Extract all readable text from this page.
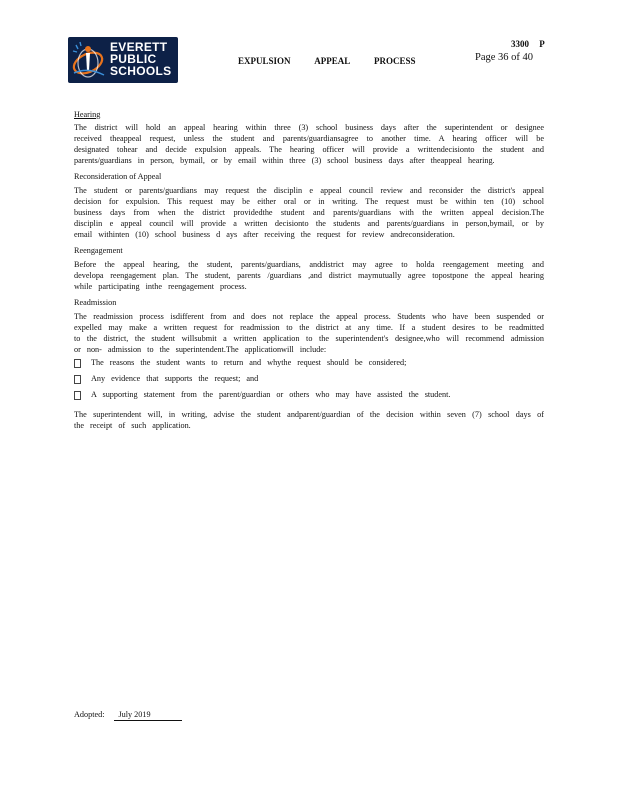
EVERETT
PUBLIC
SCHOOLS
3300 P
EXPULSION APPEAL PROCESS	Page 36 of 40
Hearing

The district will hold an appeal hearing within three (3) school business days after the superintendent or designee received theappeal request, unless the student and parents/guardiansagree to another time. A hearing officer will be designated tohear and decide expulsion appeals. The hearing officer will provide a writtendecisionto the student and parents/guardians in person, bymail, or by email within three (3) school business days after theappeal hearing.

Reconsideration of Appeal

The student or parents/guardians may request the disciplin e appeal council review and reconsider the district's appeal decision for expulsion. This request may be either oral or in writing. The request must be within ten (10) school business days from when the district providedthe student and parents/guardians with the written appeal decision.The disciplin e appeal council will provide a written decisionto the students and parents/guardians in person,bymail, or by email withinten (10) school business d ays after receiving the request for review andreconsideration.

Reengagement

Before the appeal hearing, the student, parents/guardians, anddistrict may agree to holda reengagement meeting and developa reengagement plan. The student, parents /guardians ,and district maymutually agree topostpone the appeal hearing while participating inthe reengagement process.

Readmission

The readmission process isdifferent from and does not replace the appeal process. Students who have been suspended or expelled may make a written request for readmission to the district at any time. If a student desires to be readmitted to the district, the student willsubmit a written application to the superintendent's designee,who will recommend admission or non- admission to the superintendent.The applicationwill include:

The reasons the student wants to return and whythe request should be considered;
Any evidence that supports the request; and
A supporting statement from the parent/guardian or others who may have assisted the student.

The superintendent will, in writing, advise the student andparent/guardian of the decision within seven (7) school days of the receipt of such application.

Adopted: July 2019
